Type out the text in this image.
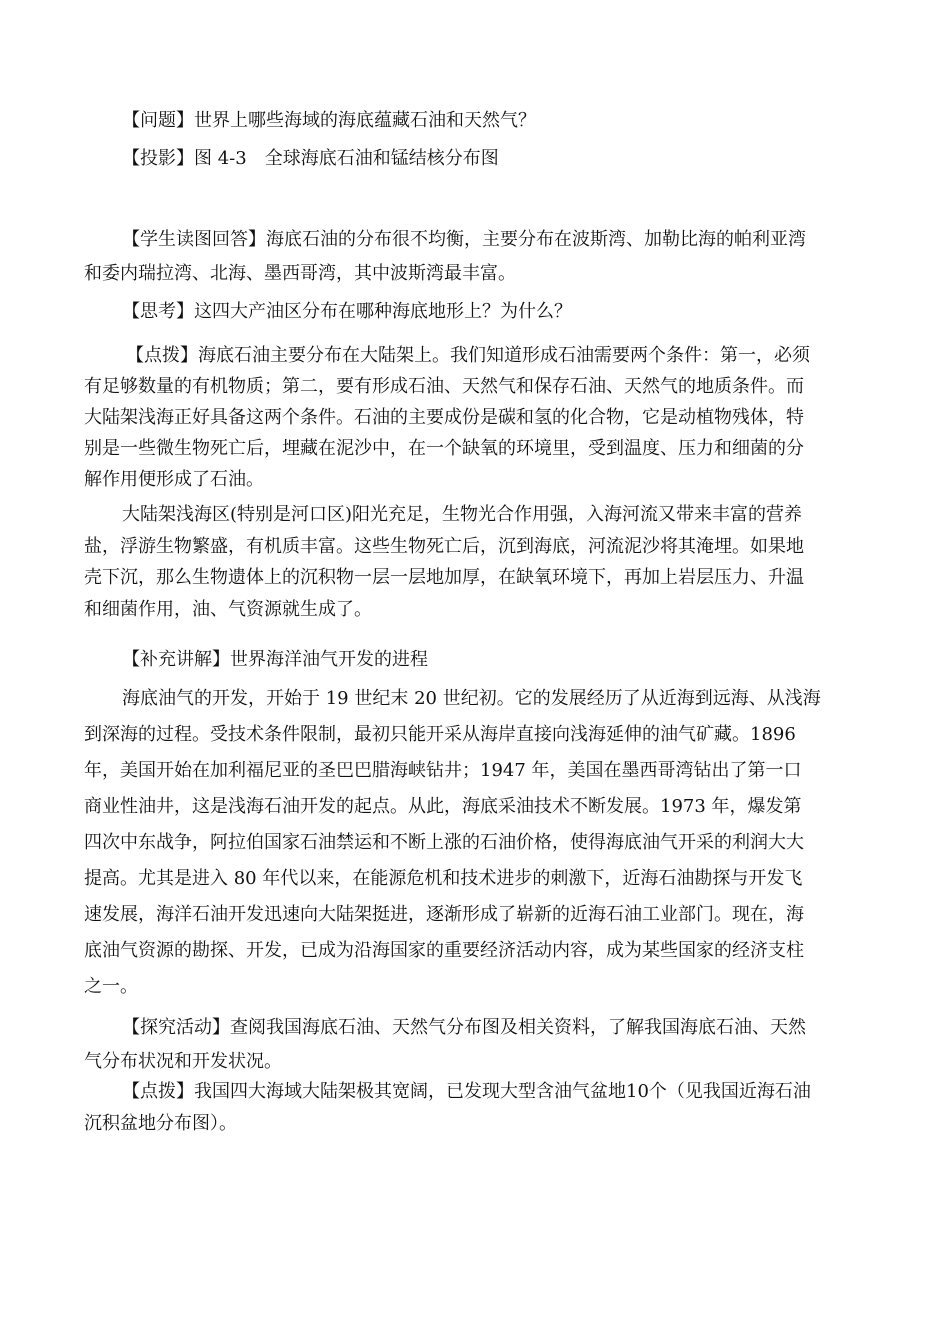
【问题】世界上哪些海域的海底蕴藏石油和天然气？
【投影】图 4-3　全球海底石油和锰结核分布图
【学生读图回答】海底石油的分布很不均衡，主要分布在波斯湾、加勒比海的帕利亚湾
和委内瑞拉湾、北海、墨西哥湾，其中波斯湾最丰富。
【思考】这四大产油区分布在哪种海底地形上？为什么？
【点拨】海底石油主要分布在大陆架上。我们知道形成石油需要两个条件：第一，必须
有足够数量的有机物质；第二，要有形成石油、天然气和保存石油、天然气的地质条件。而
大陆架浅海正好具备这两个条件。石油的主要成份是碳和氢的化合物，它是动植物残体，特
别是一些微生物死亡后，埋藏在泥沙中，在一个缺氧的环境里，受到温度、压力和细菌的分
解作用便形成了石油。
大陆架浅海区(特别是河口区)阳光充足，生物光合作用强，入海河流又带来丰富的营养
盐，浮游生物繁盛，有机质丰富。这些生物死亡后，沉到海底，河流泥沙将其淹埋。如果地
壳下沉，那么生物遗体上的沉积物一层一层地加厚，在缺氧环境下，再加上岩层压力、升温
和细菌作用，油、气资源就生成了。
【补充讲解】世界海洋油气开发的进程
海底油气的开发，开始于 19 世纪末 20 世纪初。它的发展经历了从近海到远海、从浅海
到深海的过程。受技术条件限制，最初只能开采从海岸直接向浅海延伸的油气矿藏。1896
年，美国开始在加利福尼亚的圣巴巴腊海峡钻井；1947 年，美国在墨西哥湾钻出了第一口
商业性油井，这是浅海石油开发的起点。从此，海底采油技术不断发展。1973 年，爆发第
四次中东战争，阿拉伯国家石油禁运和不断上涨的石油价格，使得海底油气开采的利润大大
提高。尤其是进入 80 年代以来，在能源危机和技术进步的刺激下，近海石油勘探与开发飞
速发展，海洋石油开发迅速向大陆架挺进，逐渐形成了崭新的近海石油工业部门。现在，海
底油气资源的勘探、开发，已成为沿海国家的重要经济活动内容，成为某些国家的经济支柱
之一。
【探究活动】查阅我国海底石油、天然气分布图及相关资料，了解我国海底石油、天然
气分布状况和开发状况。
【点拨】我国四大海域大陆架极其宽阔，已发现大型含油气盆地10个（见我国近海石油
沉积盆地分布图）。
